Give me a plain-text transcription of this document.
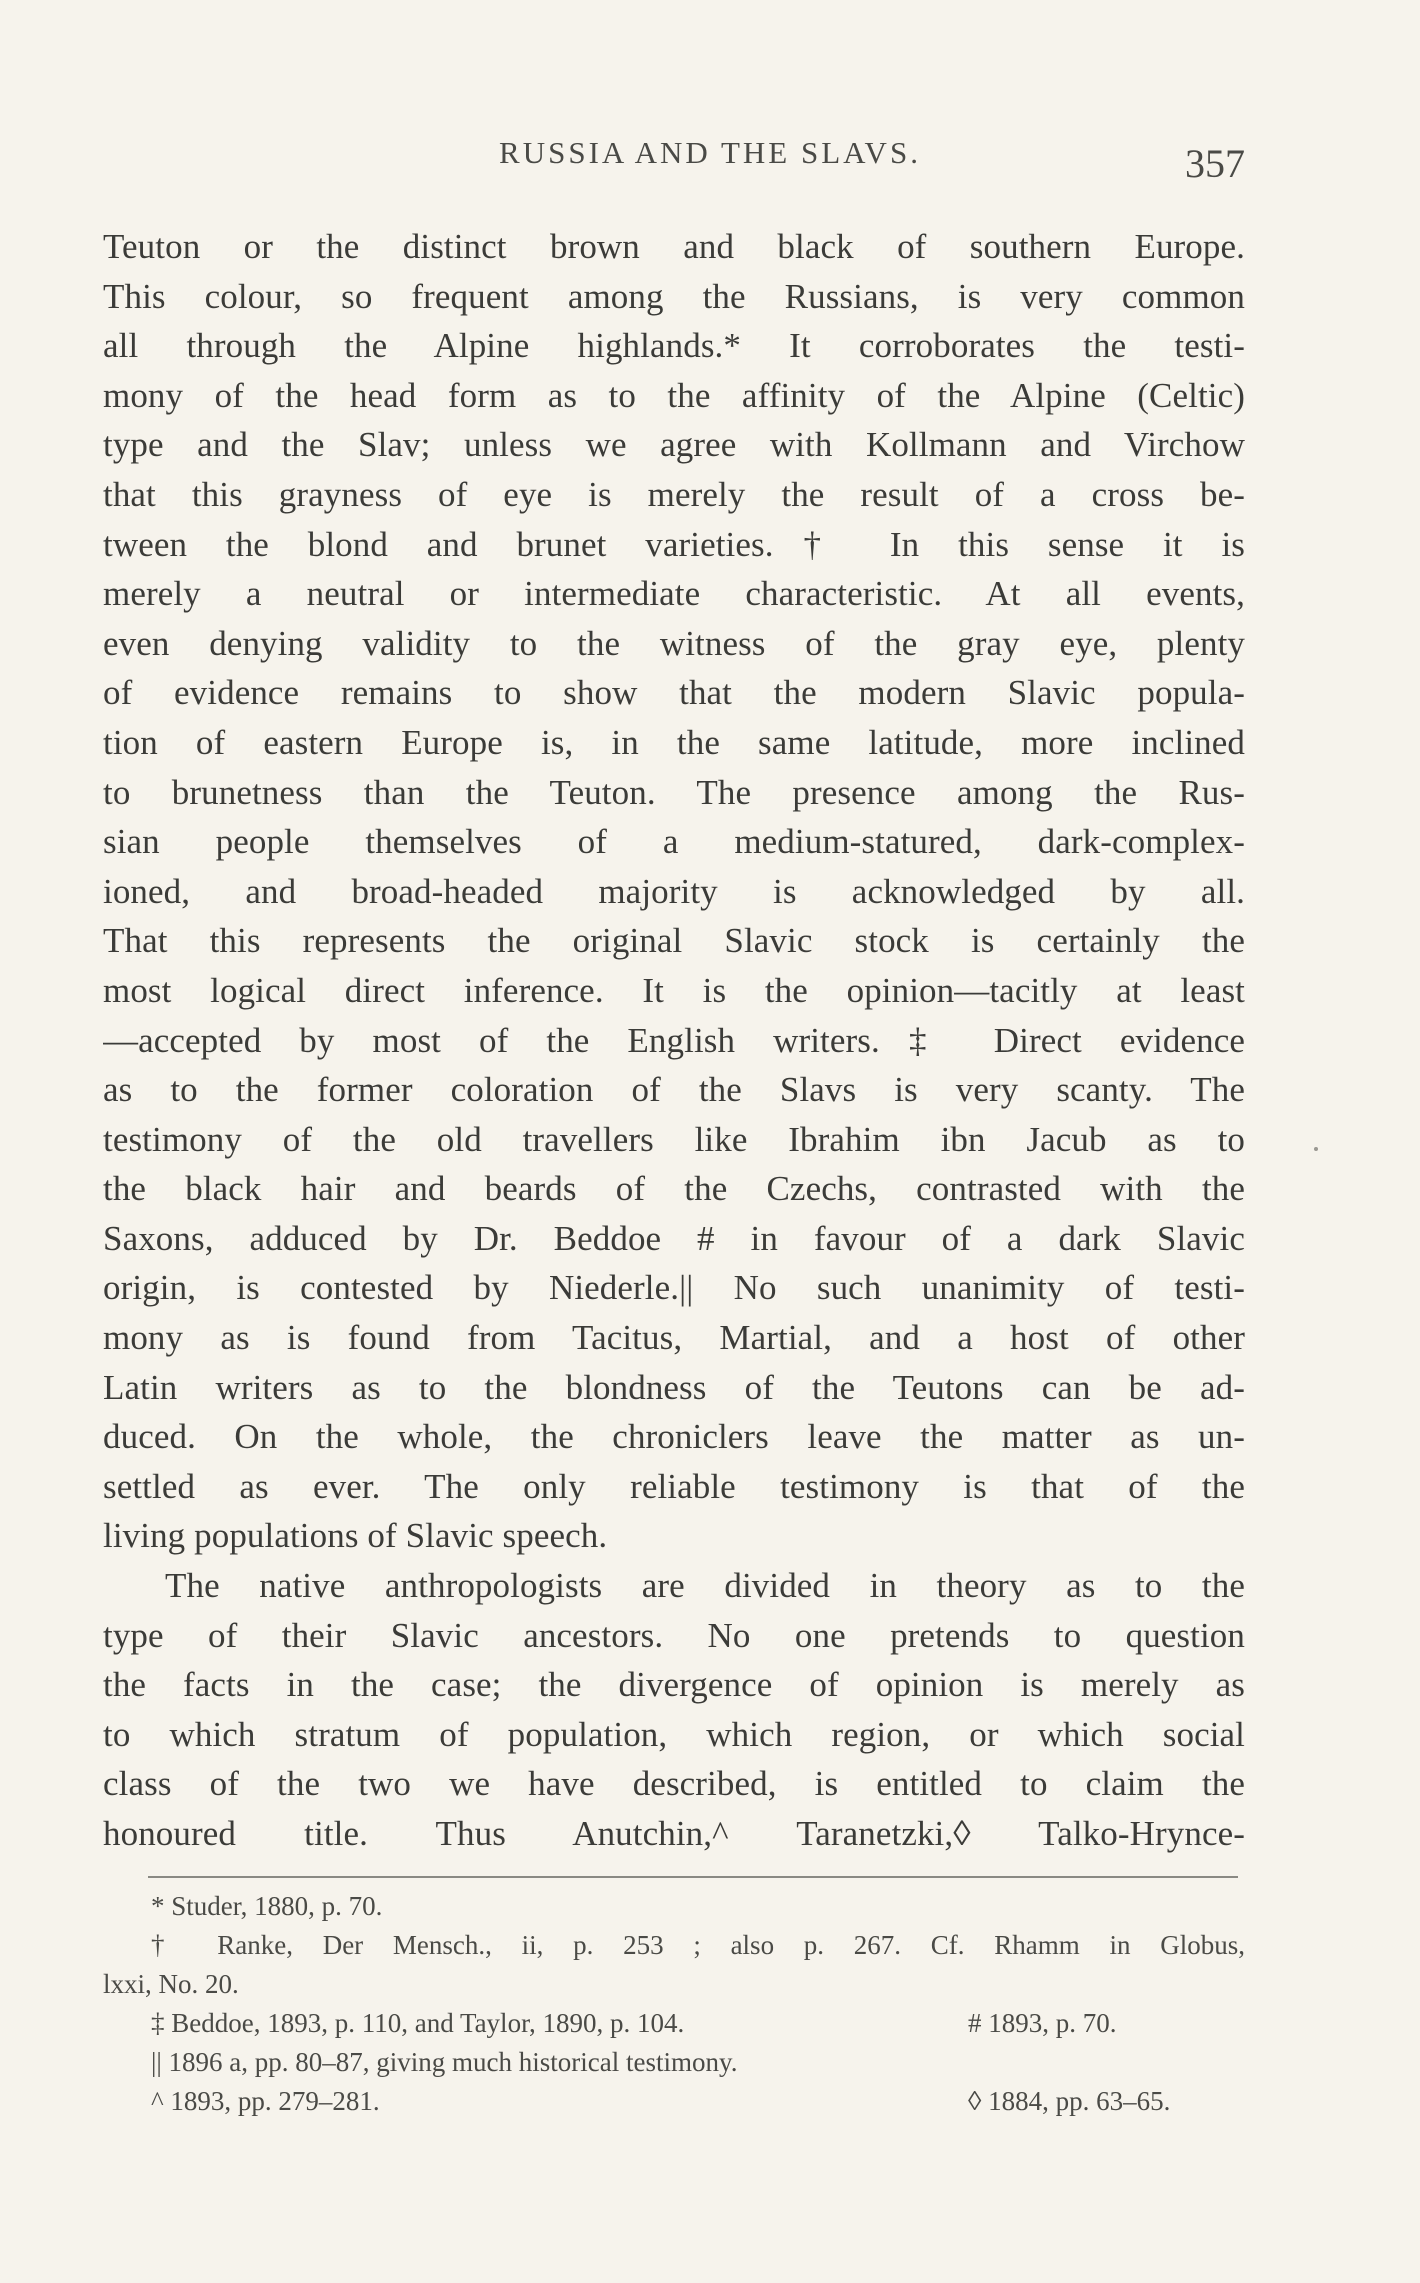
RUSSIA AND THE SLAVS.	357
Teuton or the distinct brown and black of southern Europe.
This colour, so frequent among the Russians, is very common
all through the Alpine highlands.* It corroborates the testi-
mony of the head form as to the affinity of the Alpine (Celtic)
type and the Slav; unless we agree with Kollmann and Virchow
that this grayness of eye is merely the result of a cross be-
tween the blond and brunet varieties.† In this sense it is
merely a neutral or intermediate characteristic. At all events,
even denying validity to the witness of the gray eye, plenty
of evidence remains to show that the modern Slavic popula-
tion of eastern Europe is, in the same latitude, more inclined
to brunetness than the Teuton. The presence among the Rus-
sian people themselves of a medium-statured, dark-complex-
ioned, and broad-headed majority is acknowledged by all.
That this represents the original Slavic stock is certainly the
most logical direct inference. It is the opinion—tacitly at least
—accepted by most of the English writers.‡ Direct evidence
as to the former coloration of the Slavs is very scanty. The
testimony of the old travellers like Ibrahim ibn Jacub as to
the black hair and beards of the Czechs, contrasted with the
Saxons, adduced by Dr. Beddoe # in favour of a dark Slavic
origin, is contested by Niederle.|| No such unanimity of testi-
mony as is found from Tacitus, Martial, and a host of other
Latin writers as to the blondness of the Teutons can be ad-
duced. On the whole, the chroniclers leave the matter as un-
settled as ever. The only reliable testimony is that of the
living populations of Slavic speech.
The native anthropologists are divided in theory as to the
type of their Slavic ancestors. No one pretends to question
the facts in the case; the divergence of opinion is merely as
to which stratum of population, which region, or which social
class of the two we have described, is entitled to claim the
honoured title. Thus Anutchin,^ Taranetzki,◊ Talko-Hrynce-
* Studer, 1880, p. 70.
† Ranke, Der Mensch., ii, p. 253 ; also p. 267. Cf. Rhamm in Globus,
lxxi, No. 20.
‡ Beddoe, 1893, p. 110, and Taylor, 1890, p. 104.
|| 1896 a, pp. 80–87, giving much historical testimony.
^ 1893, pp. 279–281.
# 1893, p. 70.
◊ 1884, pp. 63–65.
